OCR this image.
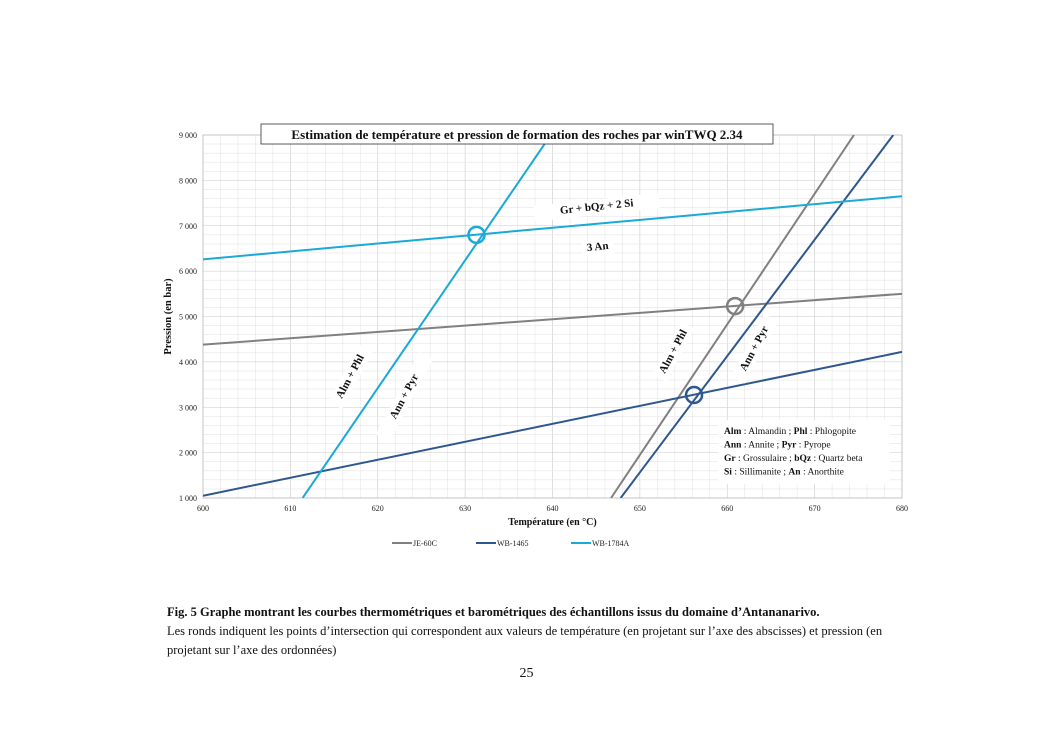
600	610	620	630	640	650	660	670	680
1 000
2 000
3 000
4 000
5 000
6 000
7 000
8 000
9 000
Température (en °C)
Pression (en bar)
Estimation de température et pression de formation des roches par winTWQ 2.34
Gr + bQz + 2 Si
3 An
Alm + Phl Ann + Pyr
Alm + Phl	Ann + Pyr
Alm : Almandin ; Phl : Phlogopite
Ann : Annite ; Pyr : Pyrope
Gr : Grossulaire ; bQz : Quartz beta
Si : Sillimanite ; An : Anorthite
JE-60C	WB-1465	WB-1784A
Fig. 5 Graphe montrant les courbes thermométriques et barométriques des échantillons issus du domaine d’Antananarivo.
Les ronds indiquent les points d’intersection qui correspondent aux valeurs de température (en projetant sur l’axe des abscisses) et pression (en projetant sur l’axe des ordonnées)
25
